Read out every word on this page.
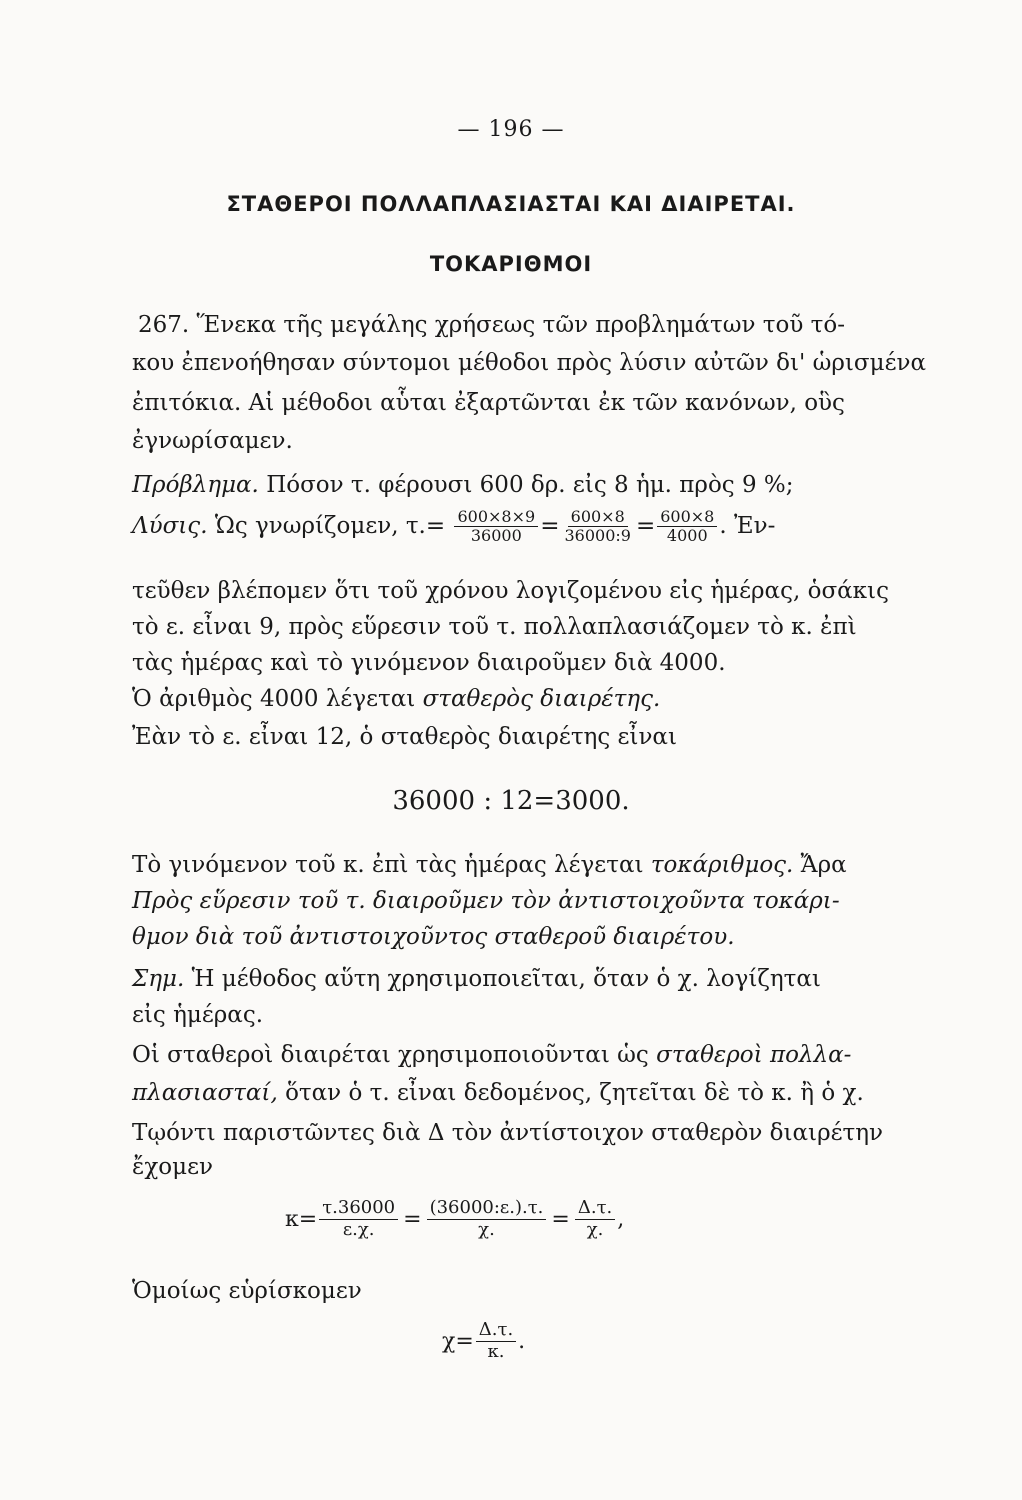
— 196 —
ΣΤΑΘΕΡΟΙ ΠΟΛΛΑΠΛΑΣΙΑΣΤΑΙ ΚΑΙ ΔΙΑΙΡΕΤΑΙ.
ΤΟΚΑΡΙΘΜΟΙ
267. Ἕνεκα τῆς μεγάλης χρήσεως τῶν προβλημάτων τοῦ τό-
κου ἐπενοήθησαν σύντομοι μέθοδοι πρὸς λύσιν αὐτῶν δι' ὡρισμένα
ἐπιτόκια. Αἱ μέθοδοι αὗται ἐξαρτῶνται ἐκ τῶν κανόνων, οὓς
ἐγνωρίσαμεν.
Πρόβλημα. Πόσον τ. φέρουσι 600 δρ. εἰς 8 ἡμ. πρὸς 9 %;
Λύσις. Ὡς γνωρίζομεν, $\tau.= \frac{600\times 8\times 9}{36000} = \frac{600\times 8}{36000:9} = \frac{600\times 8}{4000}$ . Ἐν-
τεῦθεν βλέπομεν ὅτι τοῦ χρόνου λογιζομένου εἰς ἡμέρας, ὁσάκις
τὸ ε. εἶναι 9, πρὸς εὕρεσιν τοῦ τ. πολλαπλασιάζομεν τὸ κ. ἐπὶ
τὰς ἡμέρας καὶ τὸ γινόμενον διαιροῦμεν διὰ 4000.
Ὁ ἀριθμὸς 4000 λέγεται σταθερὸς διαιρέτης.
Ἐὰν τὸ ε. εἶναι 12, ὁ σταθερὸς διαιρέτης εἶναι
36000 : 12=3000.
Τὸ γινόμενον τοῦ κ. ἐπὶ τὰς ἡμέρας λέγεται τοκάριθμος. Ἄρα
Πρὸς εὕρεσιν τοῦ τ. διαιροῦμεν τὸν ἀντιστοιχοῦντα τοκάρι-
θμον διὰ τοῦ ἀντιστοιχοῦντος σταθεροῦ διαιρέτου.
Σημ. Ἡ μέθοδος αὕτη χρησιμοποιεῖται, ὅταν ὁ χ. λογίζηται
εἰς ἡμέρας.
Οἱ σταθεροὶ διαιρέται χρησιμοποιοῦνται ὡς σταθεροὶ πολλα-
πλασιασταί, ὅταν ὁ τ. εἶναι δεδομένος, ζητεῖται δὲ τὸ κ. ἢ ὁ χ.
Τῳόντι παριστῶντες διὰ Δ τὸν ἀντίστοιχον σταθερὸν διαιρέτην
ἔχομεν
$\kappa= \frac{\tau.36000}{\varepsilon.\chi.} = \frac{(36000:\varepsilon.).\tau.}{\chi.} = \frac{\Delta.\tau.}{\chi.}$ ,
Ὁμοίως εὑρίσκομεν
$\chi= \frac{\Delta.\tau.}{\kappa.}$ .
